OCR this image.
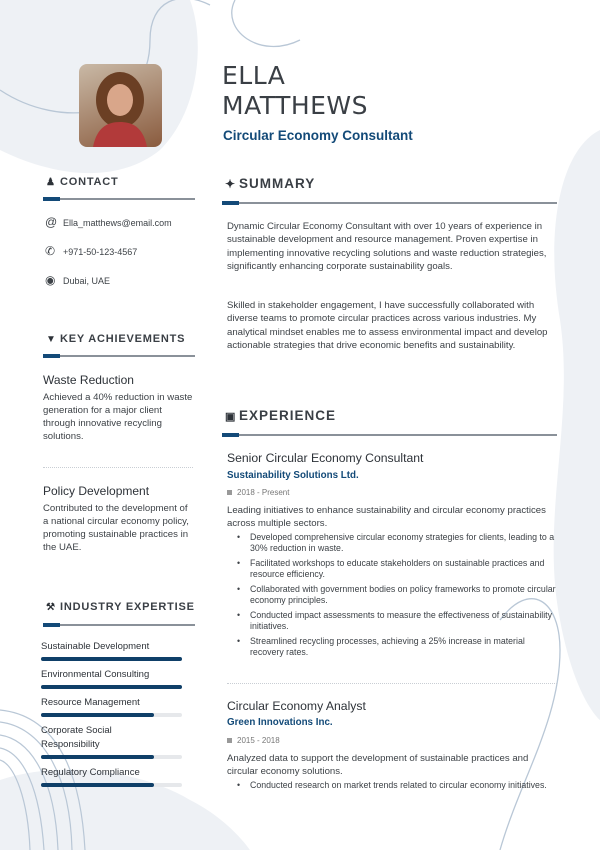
ELLA
MATTHEWS
Circular Economy Consultant
♟ CONTACT
@ Ella_matthews@email.com
✆ +971-50-123-4567
◉ Dubai, UAE
▼ KEY ACHIEVEMENTS
Waste Reduction
Achieved a 40% reduction in waste generation for a major client through innovative recycling solutions.
Policy Development
Contributed to the development of a national circular economy policy, promoting sustainable practices in the UAE.
⚒ INDUSTRY EXPERTISE
Sustainable Development
Environmental Consulting
Resource Management
Corporate Social Responsibility
Regulatory Compliance
✦ SUMMARY
Dynamic Circular Economy Consultant with over 10 years of experience in sustainable development and resource management. Proven expertise in implementing innovative recycling solutions and waste reduction strategies, significantly enhancing corporate sustainability goals.
Skilled in stakeholder engagement, I have successfully collaborated with diverse teams to promote circular practices across various industries. My analytical mindset enables me to assess environmental impact and develop actionable strategies that drive economic benefits and sustainability.
▣ EXPERIENCE
Senior Circular Economy Consultant
Sustainability Solutions Ltd.
2018 - Present
Leading initiatives to enhance sustainability and circular economy practices across multiple sectors.
• Developed comprehensive circular economy strategies for clients, leading to a 30% reduction in waste.
• Facilitated workshops to educate stakeholders on sustainable practices and resource efficiency.
• Collaborated with government bodies on policy frameworks to promote circular economy principles.
• Conducted impact assessments to measure the effectiveness of sustainability initiatives.
• Streamlined recycling processes, achieving a 25% increase in material recovery rates.
Circular Economy Analyst
Green Innovations Inc.
2015 - 2018
Analyzed data to support the development of sustainable practices and circular economy solutions.
• Conducted research on market trends related to circular economy initiatives.
